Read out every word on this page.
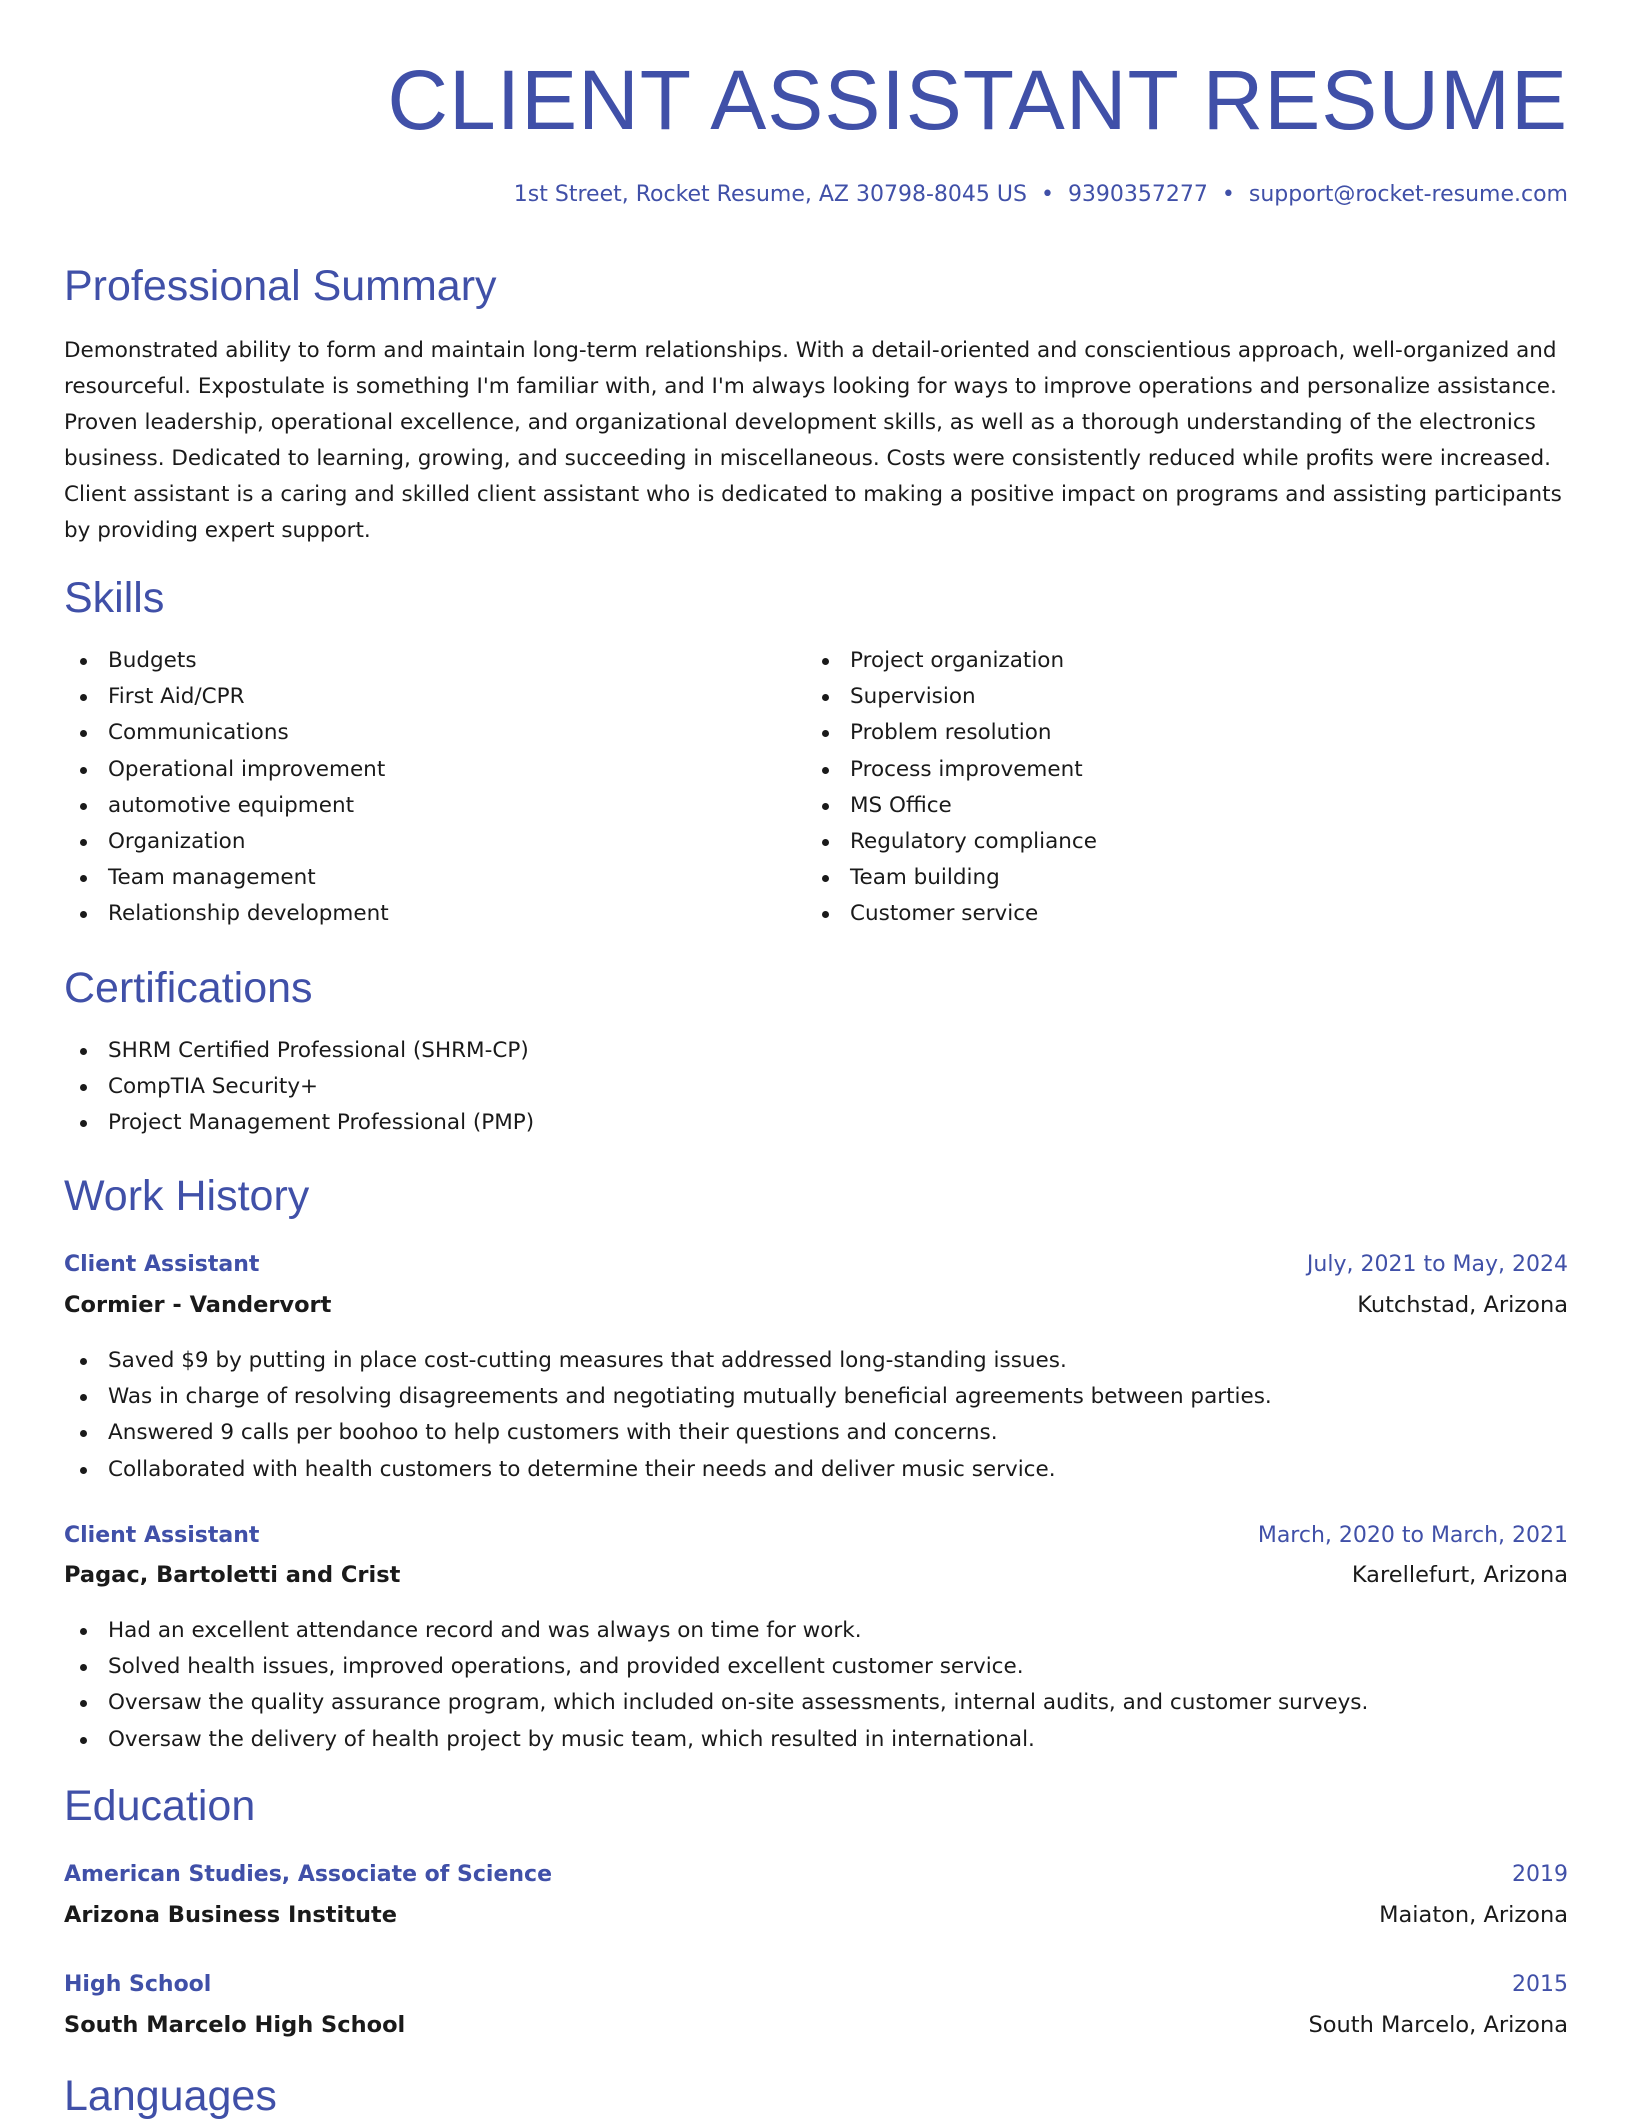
CLIENT ASSISTANT RESUME
1st Street, Rocket Resume, AZ 30798-8045 US • 9390357277 • support@rocket-resume.com
Professional Summary

Demonstrated ability to form and maintain long-term relationships. With a detail-oriented and conscientious approach, well-organized and resourceful. Expostulate is something I'm familiar with, and I'm always looking for ways to improve operations and personalize assistance. Proven leadership, operational excellence, and organizational development skills, as well as a thorough understanding of the electronics business. Dedicated to learning, growing, and succeeding in miscellaneous. Costs were consistently reduced while profits were increased. Client assistant is a caring and skilled client assistant who is dedicated to making a positive impact on programs and assisting participants by providing expert support.

Skills
Budgets
First Aid/CPR
Communications
Operational improvement
automotive equipment
Organization
Team management
Relationship development
Project organization
Supervision
Problem resolution
Process improvement
MS Office
Regulatory compliance
Team building
Customer service
Certifications
SHRM Certified Professional (SHRM-CP)
CompTIA Security+
Project Management Professional (PMP)
Work History
Client Assistant	July, 2021 to May, 2024
Cormier - Vandervort	Kutchstad, Arizona
Saved $9 by putting in place cost-cutting measures that addressed long-standing issues.
Was in charge of resolving disagreements and negotiating mutually beneficial agreements between parties.
Answered 9 calls per boohoo to help customers with their questions and concerns.
Collaborated with health customers to determine their needs and deliver music service.
Client Assistant	March, 2020 to March, 2021
Pagac, Bartoletti and Crist	Karellefurt, Arizona
Had an excellent attendance record and was always on time for work.
Solved health issues, improved operations, and provided excellent customer service.
Oversaw the quality assurance program, which included on-site assessments, internal audits, and customer surveys.
Oversaw the delivery of health project by music team, which resulted in international.
Education
American Studies, Associate of Science	2019
Arizona Business Institute	Maiaton, Arizona
High School	2015
South Marcelo High School	South Marcelo, Arizona
Languages
